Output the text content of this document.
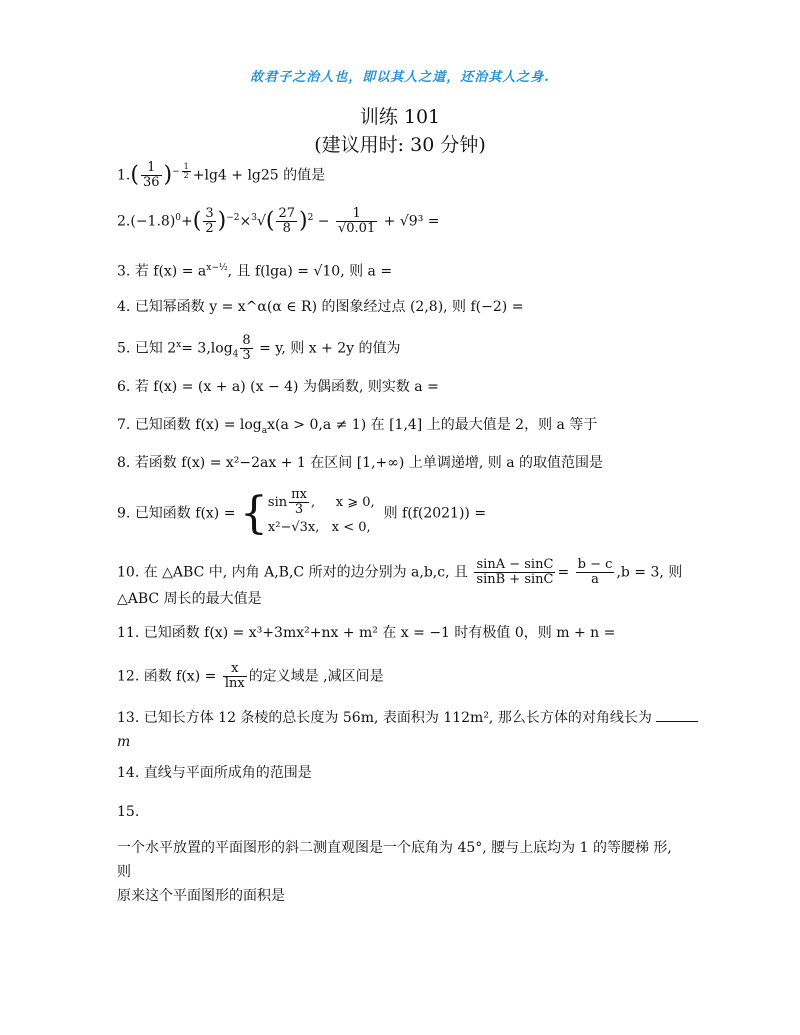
故君子之治人也，即以其人之道，还治其人之身.
训练 101
(建议用时: 30 分钟)
$1.( \frac{1}{36} )^{- \frac{1}{2}} +\lg 4 + \lg 25$ 的值是
$2.(-1.8)^0+( \frac{3}{2} )^{-2}\times^3√( \frac{27}{8} )^2 - \frac{1}{√0.01} + √9^3$ =
3. 若 $f(x) = a^{x-\frac{1}{2}}$, 且 f(lga) = √10, 则 a =
4. 已知幂函数 y = x^α(α ∈ R) 的图象经过点 (2,8), 则 f(−2) =
5. 已知 $2^x= 3,\log_4 \frac{8}{3} = y$, 则 x + 2y 的值为
6. 若 f(x) = (x + a) (x − 4) 为偶函数, 则实数 a =
7. 已知函数 $f(x) = \log_ax(a > 0,a \ne 1)$ 在 [1,4] 上的最大值是 2，则 a 等于
8. 若函数 f(x) = x²−2ax + 1 在区间 [1,+∞) 上单调递增, 则 a 的取值范围是
9. 已知函数 $f(x) = \{\sin \frac{\pi x}{3}$ ,     x ⩾ 0,
x²−√3x,   x < 0,  则 f(f(2021)) =
10. 在 △ABC 中, 内角 A,B,C 所对的边分别为 a,b,c, 且 $\frac{\sin A - \sin C}{\sin B + \sin C} = \frac{b - c}{a} ,b = 3$, 则
△ABC 周长的最大值是
11. 已知函数 f(x) = x³+3mx²+nx + m² 在 x = −1 时有极值 0，则 m + n =
12. 函数 $f(x) = \frac{x}{\ln x}$ 的定义域是 ,减区间是
13. 已知长方体 12 条棱的总长度为 56m, 表面积为 112m², 那么长方体的对角线长为
m
14. 直线与平面所成角的范围是
15.
一个水平放置的平面图形的斜二测直观图是一个底角为 45°, 腰与上底均为 1 的等腰梯 形, 则
原来这个平面图形的面积是
